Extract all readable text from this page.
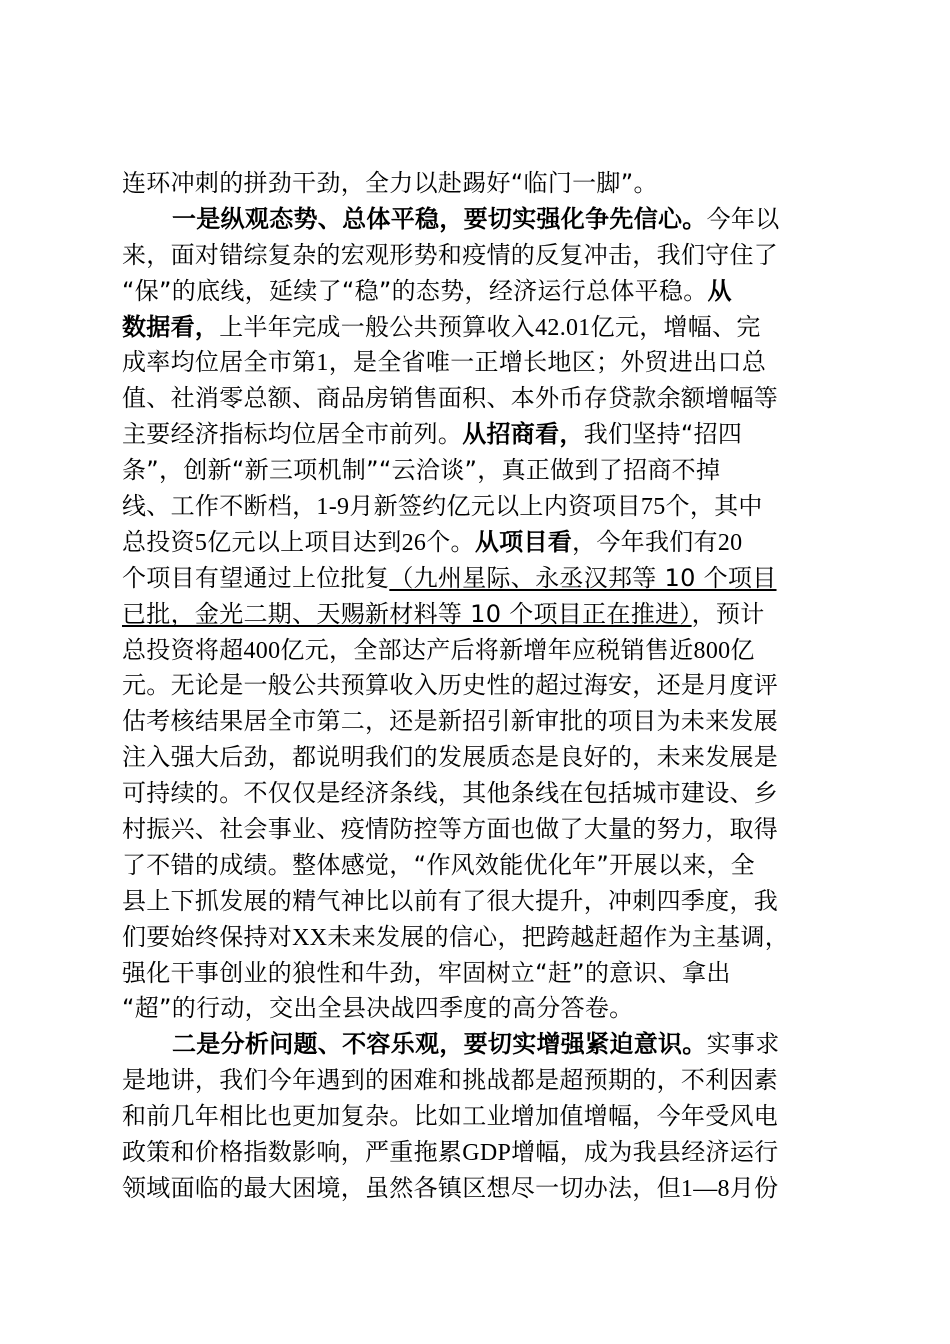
连环冲刺的拼劲干劲，全力以赴踢好“临门一脚”。
一是纵观态势、总体平稳，要切实强化争先信心。今年以
来，面对错综复杂的宏观形势和疫情的反复冲击，我们守住了
“保”的底线，延续了“稳”的态势，经济运行总体平稳。从
数据看，上半年完成一般公共预算收入42.01亿元，增幅、完
成率均位居全市第1，是全省唯一正增长地区；外贸进出口总
值、社消零总额、商品房销售面积、本外币存贷款余额增幅等
主要经济指标均位居全市前列。从招商看，我们坚持“招四
条”，创新“新三项机制”“云洽谈”，真正做到了招商不掉
线、工作不断档，1-9月新签约亿元以上内资项目75个，其中
总投资5亿元以上项目达到26个。从项目看，今年我们有20
个项目有望通过上位批复（九州星际、永丞汉邦等 10 个项目
已批，金光二期、天赐新材料等 10 个项目正在推进），预计
总投资将超400亿元，全部达产后将新增年应税销售近800亿
元。无论是一般公共预算收入历史性的超过海安，还是月度评
估考核结果居全市第二，还是新招引新审批的项目为未来发展
注入强大后劲，都说明我们的发展质态是良好的，未来发展是
可持续的。不仅仅是经济条线，其他条线在包括城市建设、乡
村振兴、社会事业、疫情防控等方面也做了大量的努力，取得
了不错的成绩。整体感觉，“作风效能优化年”开展以来，全
县上下抓发展的精气神比以前有了很大提升，冲刺四季度，我
们要始终保持对XX未来发展的信心，把跨越赶超作为主基调，
强化干事创业的狼性和牛劲，牢固树立“赶”的意识、拿出
“超”的行动，交出全县决战四季度的高分答卷。
二是分析问题、不容乐观，要切实增强紧迫意识。实事求
是地讲，我们今年遇到的困难和挑战都是超预期的，不利因素
和前几年相比也更加复杂。比如工业增加值增幅，今年受风电
政策和价格指数影响，严重拖累GDP增幅，成为我县经济运行
领域面临的最大困境，虽然各镇区想尽一切办法，但1—8月份
